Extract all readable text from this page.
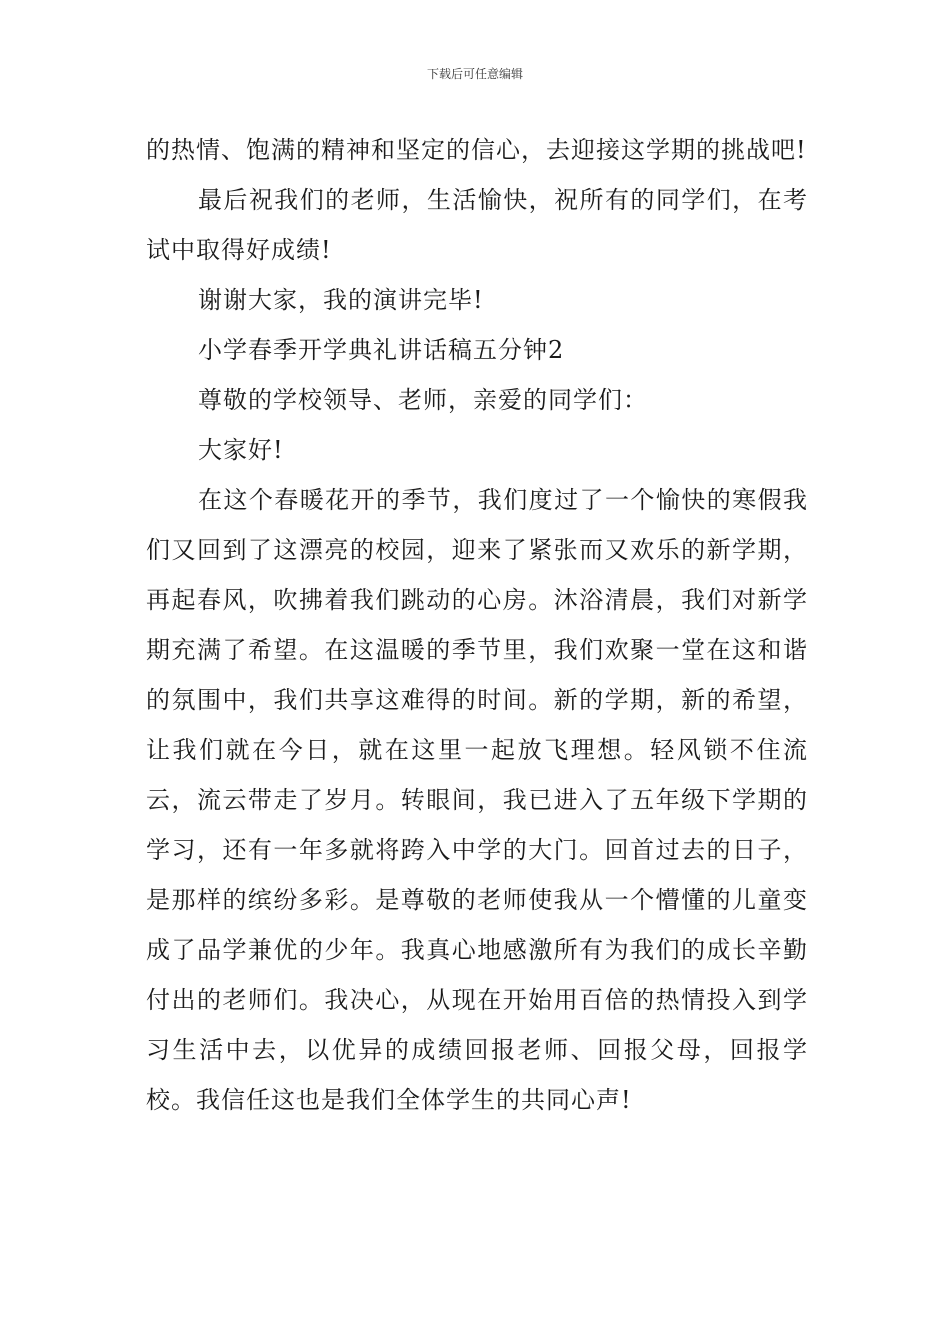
下载后可任意编辑

的热情、饱满的精神和坚定的信心，去迎接这学期的挑战吧!

最后祝我们的老师，生活愉快，祝所有的同学们，在考试中取得好成绩!

谢谢大家，我的演讲完毕!

小学春季开学典礼讲话稿五分钟2

尊敬的学校领导、老师，亲爱的同学们：

大家好!

在这个春暖花开的季节，我们度过了一个愉快的寒假我们又回到了这漂亮的校园，迎来了紧张而又欢乐的新学期，再起春风，吹拂着我们跳动的心房。沐浴清晨，我们对新学期充满了希望。在这温暖的季节里，我们欢聚一堂在这和谐的氛围中，我们共享这难得的时间。新的学期，新的希望，让我们就在今日，就在这里一起放飞理想。轻风锁不住流云，流云带走了岁月。转眼间，我已进入了五年级下学期的学习，还有一年多就将跨入中学的大门。回首过去的日子，是那样的缤纷多彩。是尊敬的老师使我从一个懵懂的儿童变成了品学兼优的少年。我真心地感激所有为我们的成长辛勤付出的老师们。我决心，从现在开始用百倍的热情投入到学习生活中去，以优异的成绩回报老师、回报父母，回报学校。我信任这也是我们全体学生的共同心声!
